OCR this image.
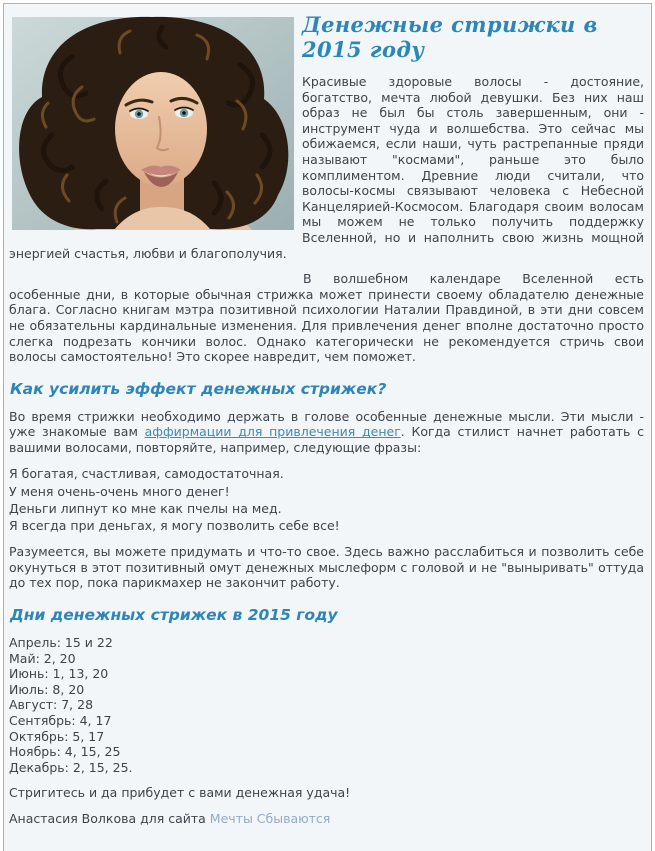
Денежные стрижки в 2015 году

Красивые здоровые волосы - достояние, богатство, мечта любой девушки. Без них наш образ не был бы столь завершенным, они - инструмент чуда и волшебства. Это сейчас мы обижаемся, если наши, чуть растрепанные пряди называют "космами", раньше это было комплиментом. Древние люди считали, что волосы-космы связывают человека с Небесной Канцелярией-Космосом. Благодаря своим волосам мы можем не только получить поддержку Вселенной, но и наполнить свою жизнь мощной энергией счастья, любви и благополучия.

В волшебном календаре Вселенной есть особенные дни, в которые обычная стрижка может принести своему обладателю денежные блага. Согласно книгам мэтра позитивной психологии Наталии Правдиной, в эти дни совсем не обязательны кардинальные изменения. Для привлечения денег вполне достаточно просто слегка подрезать кончики волос. Однако категорически не рекомендуется стричь свои волосы самостоятельно! Это скорее навредит, чем поможет.

Как усилить эффект денежных стрижек?

Во время стрижки необходимо держать в голове особенные денежные мысли. Эти мысли - уже знакомые вам аффирмации для привлечения денег. Когда стилист начнет работать с вашими волосами, повторяйте, например, следующие фразы:

Я богатая, счастливая, самодостаточная.
У меня очень-очень много денег!
Деньги липнут ко мне как пчелы на мед.
Я всегда при деньгах, я могу позволить себе все!

Разумеется, вы можете придумать и что-то свое. Здесь важно расслабиться и позволить себе окунуться в этот позитивный омут денежных мыслеформ с головой и не "выныривать" оттуда до тех пор, пока парикмахер не закончит работу.

Дни денежных стрижек в 2015 году

Апрель: 15 и 22
Май: 2, 20
Июнь: 1, 13, 20
Июль: 8, 20
Август: 7, 28
Сентябрь: 4, 17
Октябрь: 5, 17
Ноябрь: 4, 15, 25
Декабрь: 2, 15, 25.

Стригитесь и да прибудет с вами денежная удача!

Анастасия Волкова для сайта Мечты Сбываются
